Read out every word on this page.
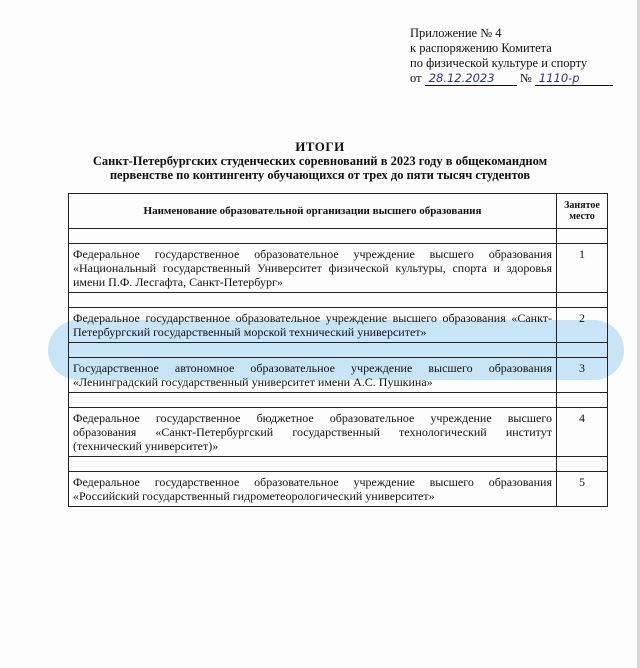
Приложение № 4
к распоряжению Комитета
по физической культуре и спорту
от 28.12.2023 № 1110-р
ИТОГИ
Санкт-Петербургских студенческих соревнований в 2023 году в общекомандном
первенстве по контингенту обучающихся от трех до пяти тысяч студентов
Наименование образовательной организации высшего образования	Занятое
место

Федеральное государственное образовательное учреждение высшего образования «Национальный государственный Университет физической культуры, спорта и здоровья имени П.Ф. Лесгафта, Санкт-Петербург»	1

Федеральное государственное образовательное учреждение высшего образования «Санкт-Петербургский государственный морской технический университет»	2

Государственное автономное образовательное учреждение высшего образования «Ленинградский государственный университет имени А.С. Пушкина»	3

Федеральное государственное бюджетное образовательное учреждение высшего образования «Санкт-Петербургский государственный технологический институт (технический университет)»	4

Федеральное государственное образовательное учреждение высшего образования «Российский государственный гидрометеорологический университет»	5
